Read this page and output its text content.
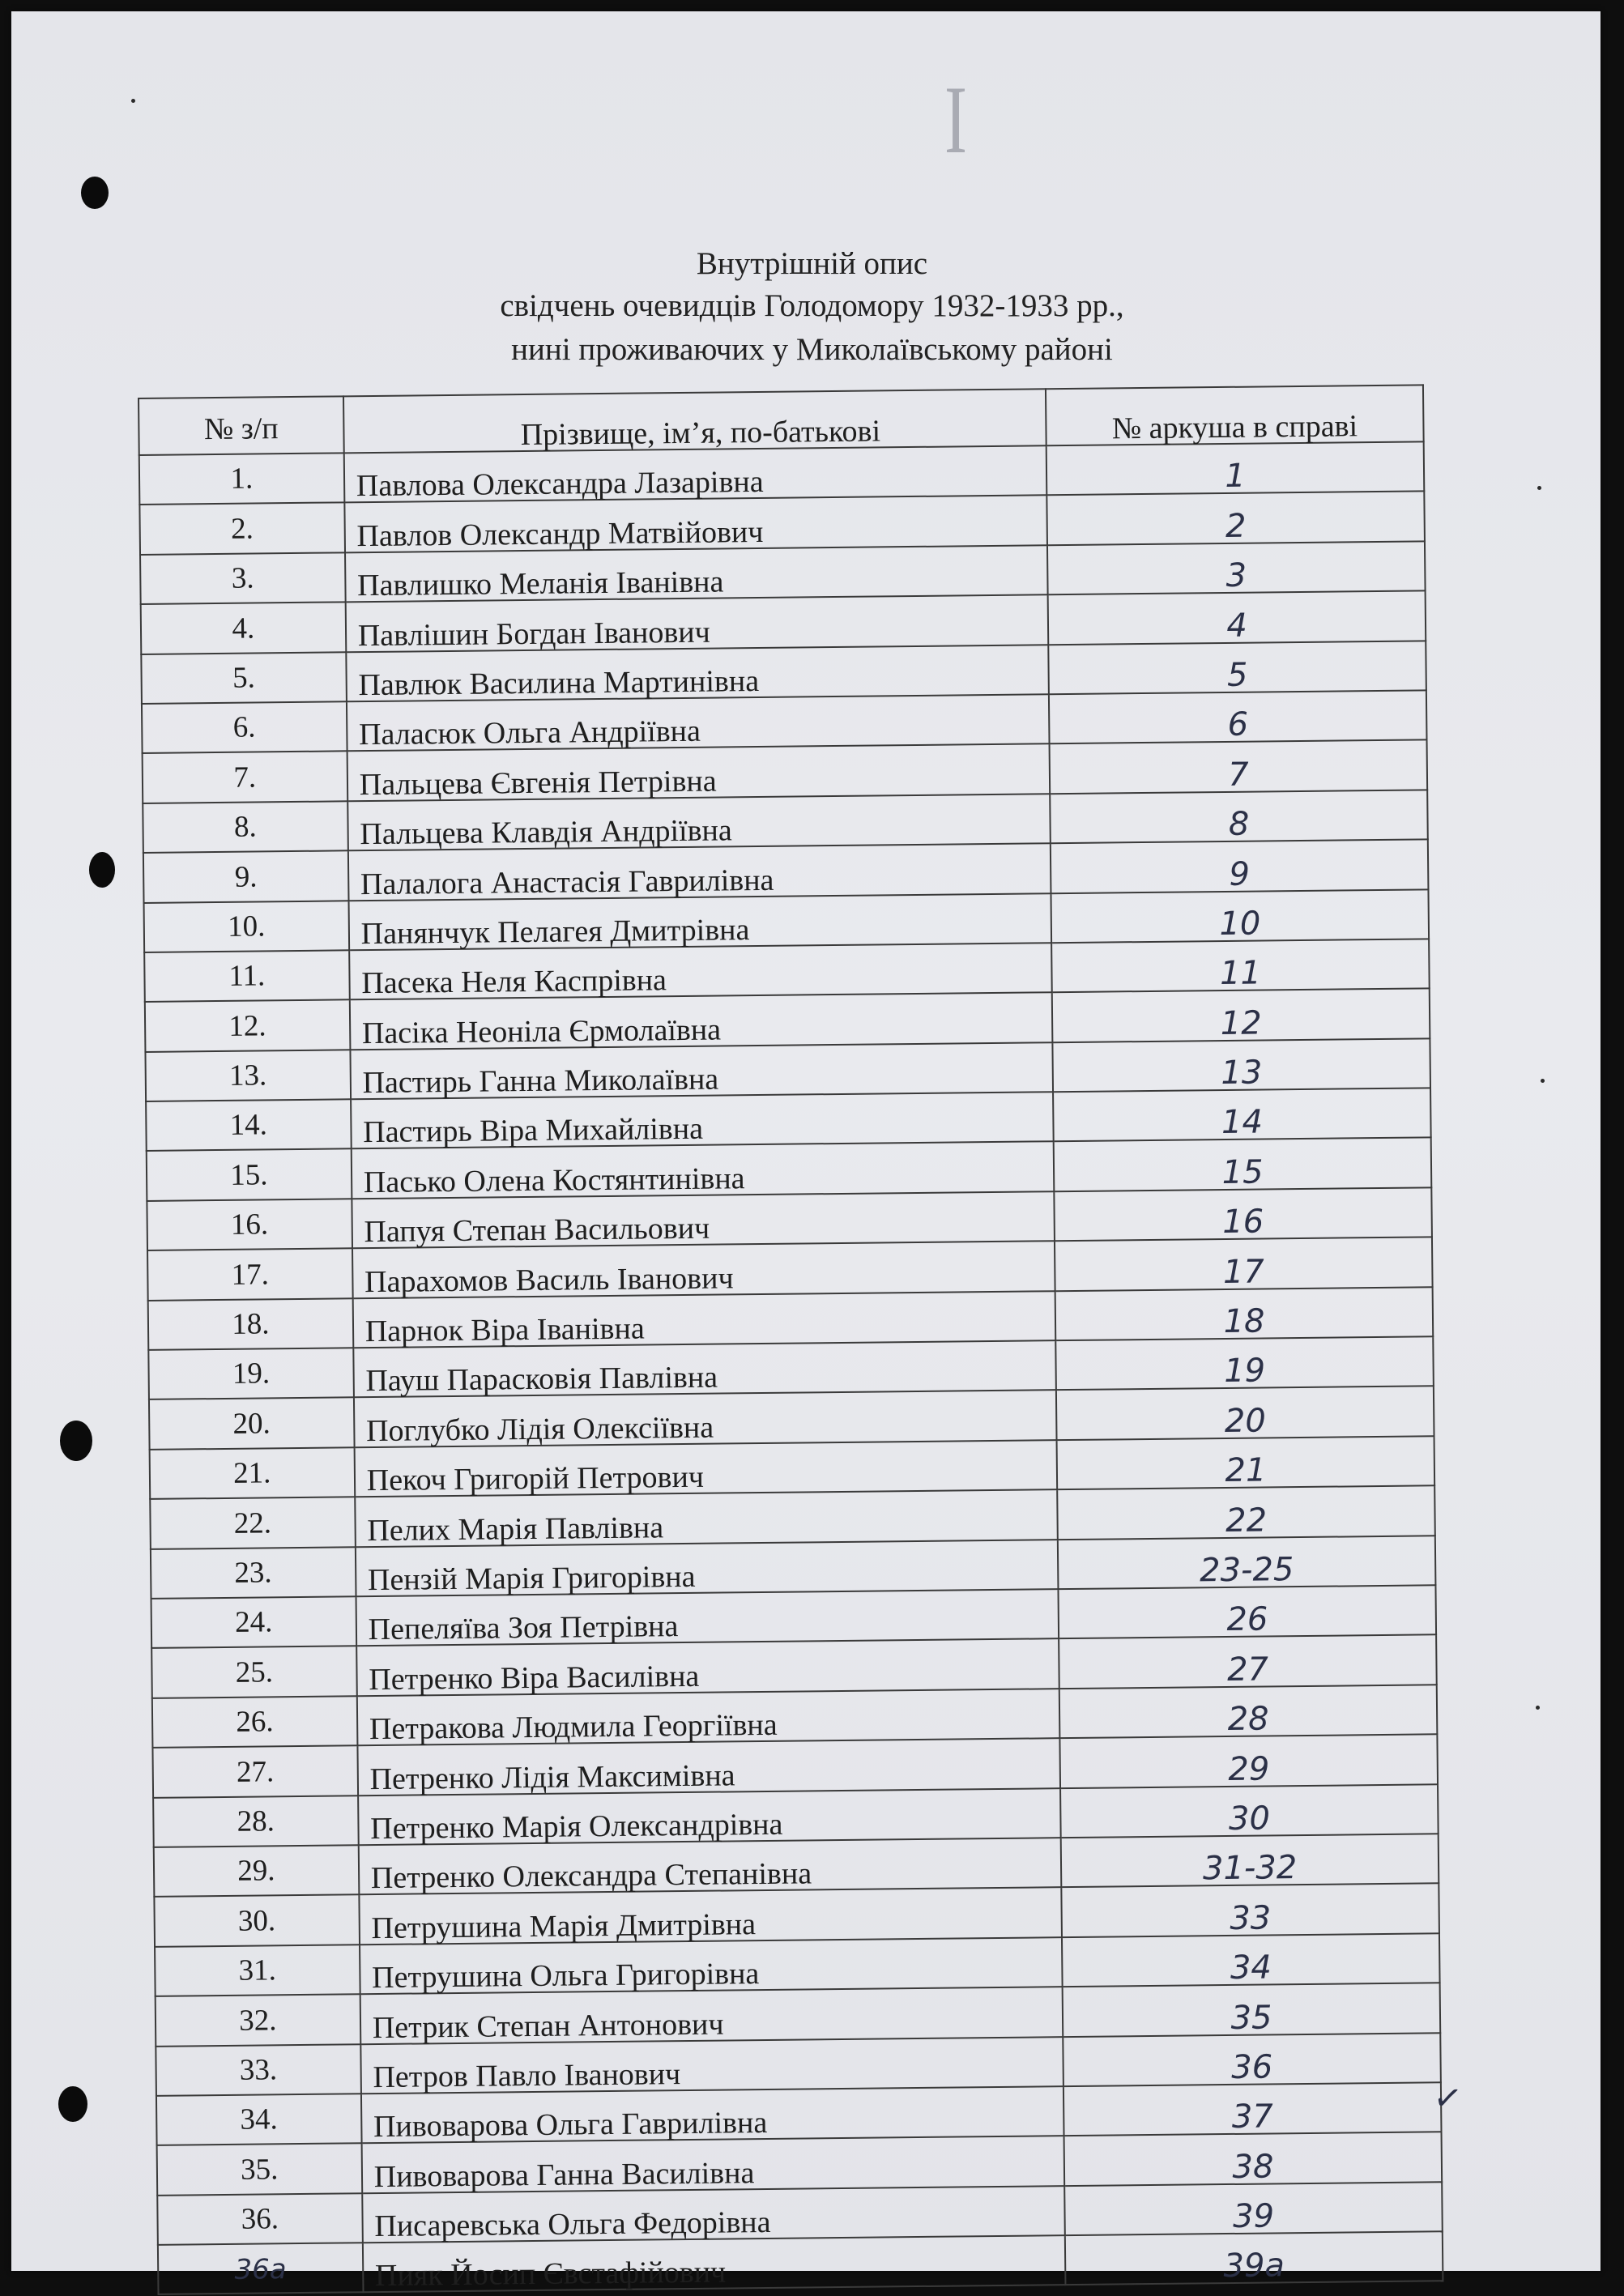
I
Внутрішній опис
свідчень очевидців Голодомору 1932-1933 рр.,
нині проживаючих у Миколаївському районі
№ з/п	Прізвище, ім’я, по-батькові	№ аркуша в справі
1.	Павлова Олександра Лазарівна	1
2.	Павлов Олександр Матвійович	2
3.	Павлишко Меланія Іванівна	3
4.	Павлішин Богдан Іванович	4
5.	Павлюк Василина Мартинівна	5
6.	Паласюк Ольга Андріївна	6
7.	Пальцева Євгенія Петрівна	7
8.	Пальцева Клавдія Андріївна	8
9.	Палалога Анастасія Гаврилівна	9
10.	Панянчук Пелагея Дмитрівна	10
11.	Пасека Неля Каспрівна	11
12.	Пасіка Неоніла Єрмолаївна	12
13.	Пастирь Ганна Миколаївна	13
14.	Пастирь Віра Михайлівна	14
15.	Пасько Олена Костянтинівна	15
16.	Папуя Степан Васильович	16
17.	Парахомов Василь Іванович	17
18.	Парнок Віра Іванівна	18
19.	Пауш Парасковія Павлівна	19
20.	Поглубко Лідія Олексіївна	20
21.	Пекоч Григорій Петрович	21
22.	Пелих Марія Павлівна	22
23.	Пензій Марія Григорівна	23-25
24.	Пепеляїва Зоя Петрівна	26
25.	Петренко Віра Василівна	27
26.	Петракова Людмила Георгіївна	28
27.	Петренко Лідія Максимівна	29
28.	Петренко Марія Олександрівна	30
29.	Петренко Олександра Степанівна	31-32
30.	Петрушина Марія Дмитрівна	33
31.	Петрушина Ольга Григорівна	34
32.	Петрик Степан Антонович	35
33.	Петров Павло Іванович	36
34.	Пивоварова Ольга Гаврилівна	37
35.	Пивоварова Ганна Василівна	38
36.	Писаревська Ольга Федорівна	39
36а	Пияк Йосип Євстафійович	39а
✓
